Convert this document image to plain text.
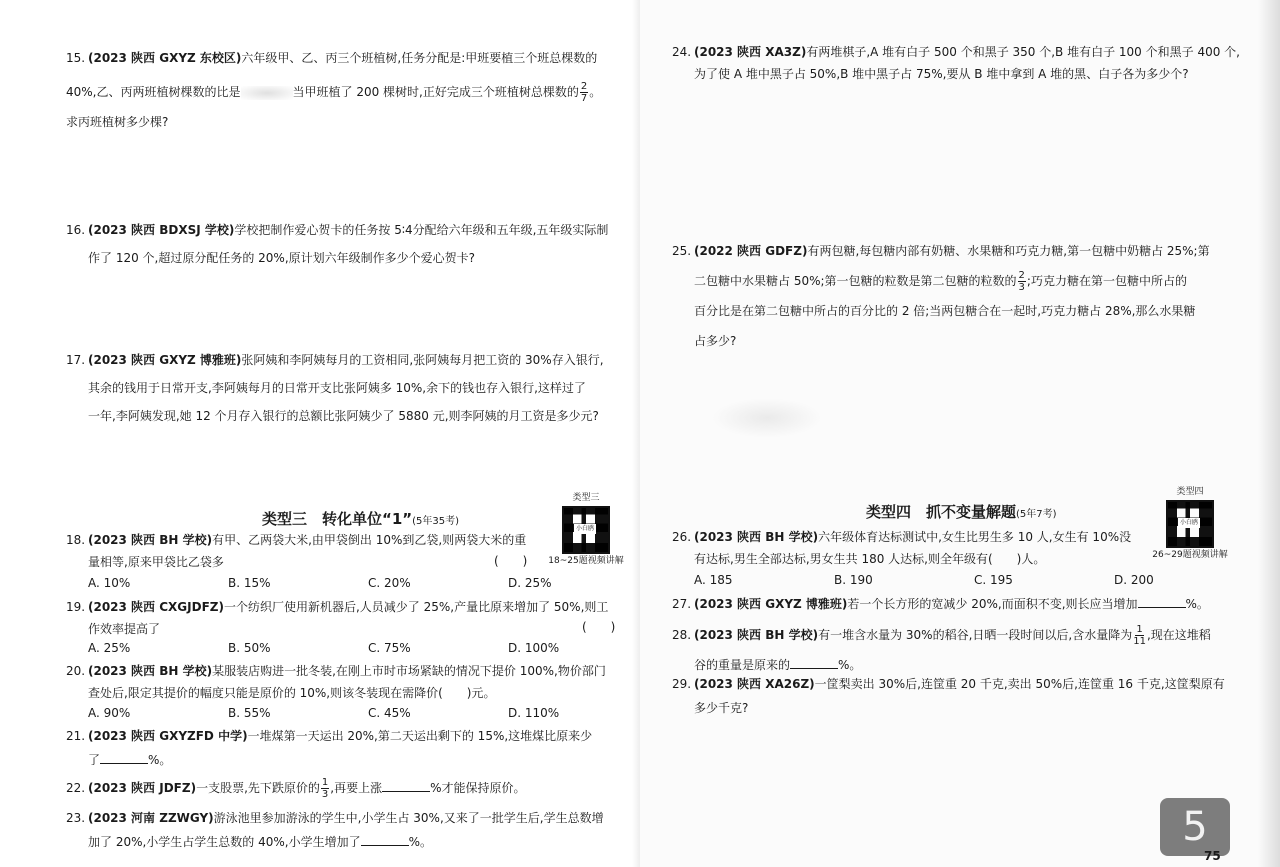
15. (2023 陕西 GXYZ 东校区)六年级甲、乙、丙三个班植树,任务分配是:甲班要植三个班总棵数的

40%,乙、丙两班植树棵数的比是	当甲班植了 200 棵树时,正好完成三个班植树总棵数的 $\frac{2}{7}$ 。

求丙班植树多少棵?

16. (2023 陕西 BDXSJ 学校)学校把制作爱心贺卡的任务按 5∶4分配给六年级和五年级,五年级实际制

作了 120 个,超过原分配任务的 20%,原计划六年级制作多少个爱心贺卡?

17. (2023 陕西 GXYZ 博雅班)张阿姨和李阿姨每月的工资相同,张阿姨每月把工资的 30%存入银行,

其余的钱用于日常开支,李阿姨每月的日常开支比张阿姨多 10%,余下的钱也存入银行,这样过了

一年,李阿姨发现,她 12 个月存入银行的总额比张阿姨少了 5880 元,则李阿姨的月工资是多少元?

类型三　转化单位“1”(5年35考)
类型三
小白鸥
18~25题视频讲解

18. (2023 陕西 BH 学校)有甲、乙两袋大米,由甲袋倒出 10%到乙袋,则两袋大米的重

量相等,原来甲袋比乙袋多	(　　)
A. 10%	B. 15%	C. 20%	D. 25%

19. (2023 陕西 CXGJDFZ)一个纺织厂使用新机器后,人员减少了 25%,产量比原来增加了 50%,则工

作效率提高了	(　　)
A. 25%	B. 50%	C. 75%	D. 100%

20. (2023 陕西 BH 学校)某服装店购进一批冬装,在刚上市时市场紧缺的情况下提价 100%,物价部门

查处后,限定其提价的幅度只能是原价的 10%,则该冬装现在需降价(　　)元。

A. 90%	B. 55%	C. 45%	D. 110%

21. (2023 陕西 GXYZFD 中学)一堆煤第一天运出 20%,第二天运出剩下的 15%,这堆煤比原来少

了	%。

22. (2023 陕西 JDFZ)一支股票,先下跌原价的 $\frac{1}{3}$ ,再要上涨	%才能保持原价。

23. (2023 河南 ZZWGY)游泳池里参加游泳的学生中,小学生占 30%,又来了一批学生后,学生总数增

加了 20%,小学生占学生总数的 40%,小学生增加了	%。

24. (2023 陕西 XA3Z)有两堆棋子,A 堆有白子 500 个和黑子 350 个,B 堆有白子 100 个和黑子 400 个,

为了使 A 堆中黑子占 50%,B 堆中黑子占 75%,要从 B 堆中拿到 A 堆的黑、白子各为多少个?

25. (2022 陕西 GDFZ)有两包糖,每包糖内部有奶糖、水果糖和巧克力糖,第一包糖中奶糖占 25%;第

二包糖中水果糖占 50%;第一包糖的粒数是第二包糖的粒数的 $\frac{2}{3}$ ;巧克力糖在第一包糖中所占的

百分比是在第二包糖中所占的百分比的 2 倍;当两包糖合在一起时,巧克力糖占 28%,那么水果糖

占多少?

类型四　抓不变量解题(5年7考)
类型四
小白鸥
26~29题视频讲解

26. (2023 陕西 BH 学校)六年级体育达标测试中,女生比男生多 10 人,女生有 10%没

有达标,男生全部达标,男女生共 180 人达标,则全年级有(　　)人。

A. 185	B. 190	C. 195	D. 200

27. (2023 陕西 GXYZ 博雅班)若一个长方形的宽减少 20%,而面积不变,则长应当增加	%。

28. (2023 陕西 BH 学校)有一堆含水量为 30%的稻谷,日晒一段时间以后,含水量降为 $\frac{1}{11}$ ,现在这堆稻

谷的重量是原来的	%。

29. (2023 陕西 XA26Z)一筐梨卖出 30%后,连筐重 20 千克,卖出 50%后,连筐重 16 千克,这筐梨原有

多少千克?

5
75
